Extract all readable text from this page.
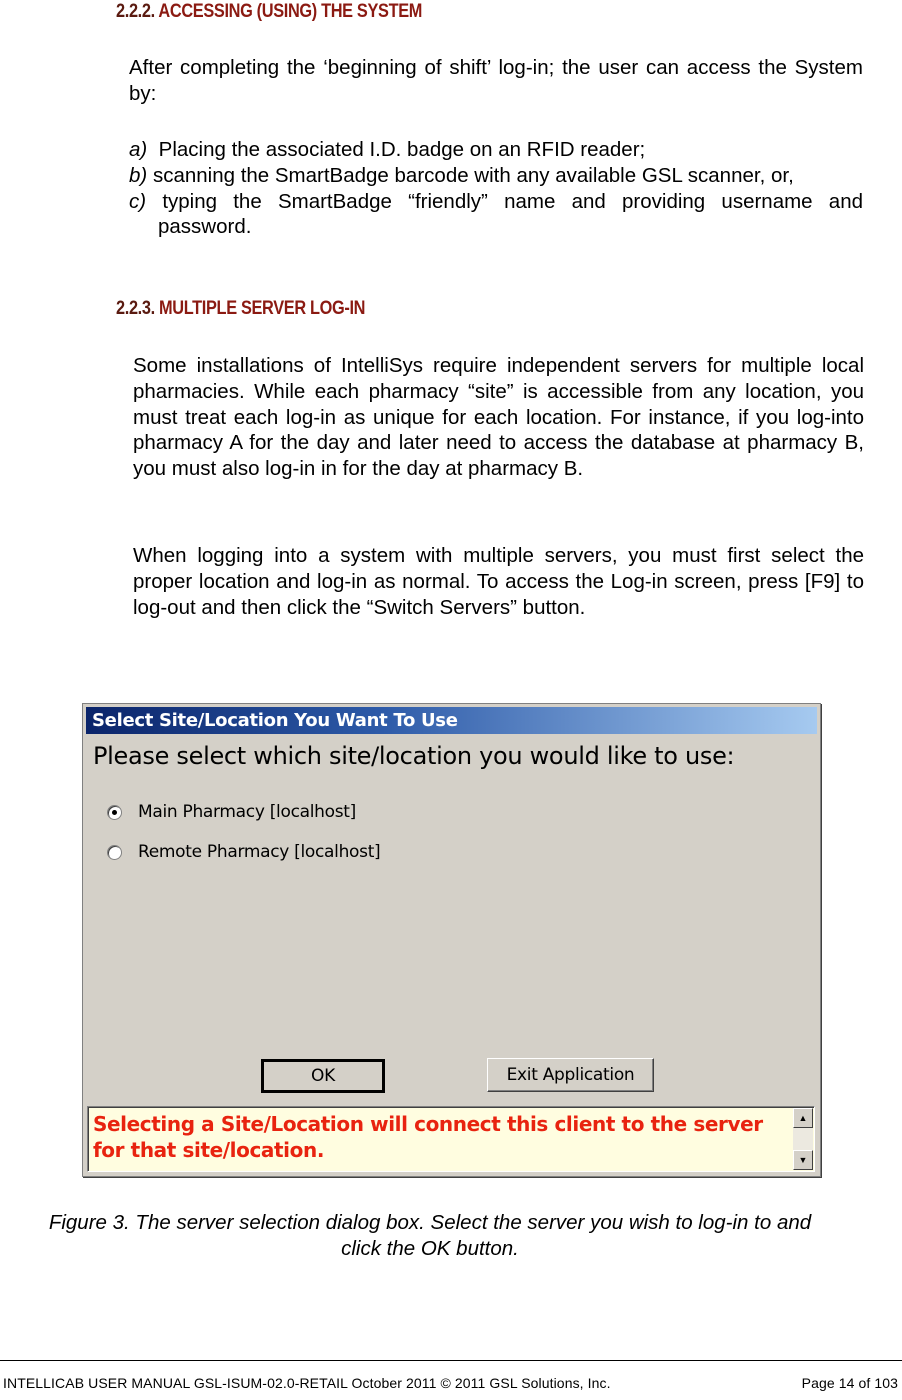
2.2.2. ACCESSING (USING) THE SYSTEM
After completing the ‘beginning of shift’ log-in; the user can access the System by:
a) Placing the associated I.D. badge on an RFID reader;
b) scanning the SmartBadge barcode with any available GSL scanner, or,
c) typing the SmartBadge “friendly” name and providing username and password.
2.2.3. MULTIPLE SERVER LOG-IN
Some installations of IntelliSys require independent servers for multiple local pharmacies. While each pharmacy “site” is accessible from any location, you must treat each log-in as unique for each location. For instance, if you log-into pharmacy A for the day and later need to access the database at pharmacy B, you must also log-in in for the day at pharmacy B.
When logging into a system with multiple servers, you must first select the proper location and log-in as normal. To access the Log-in screen, press [F9] to log-out and then click the “Switch Servers” button.
Select Site/Location You Want To Use
Please select which site/location you would like to use:
Main Pharmacy [localhost]
Remote Pharmacy [localhost]
OK	Exit Application
Selecting a Site/Location will connect this client to the server for that site/location.
▲
▼
Figure 3. The server selection dialog box. Select the server you wish to log-in to and click the OK button.
INTELLICAB USER MANUAL GSL-ISUM-02.0-RETAIL October 2011 © 2011 GSL Solutions, Inc.	Page 14 of 103
